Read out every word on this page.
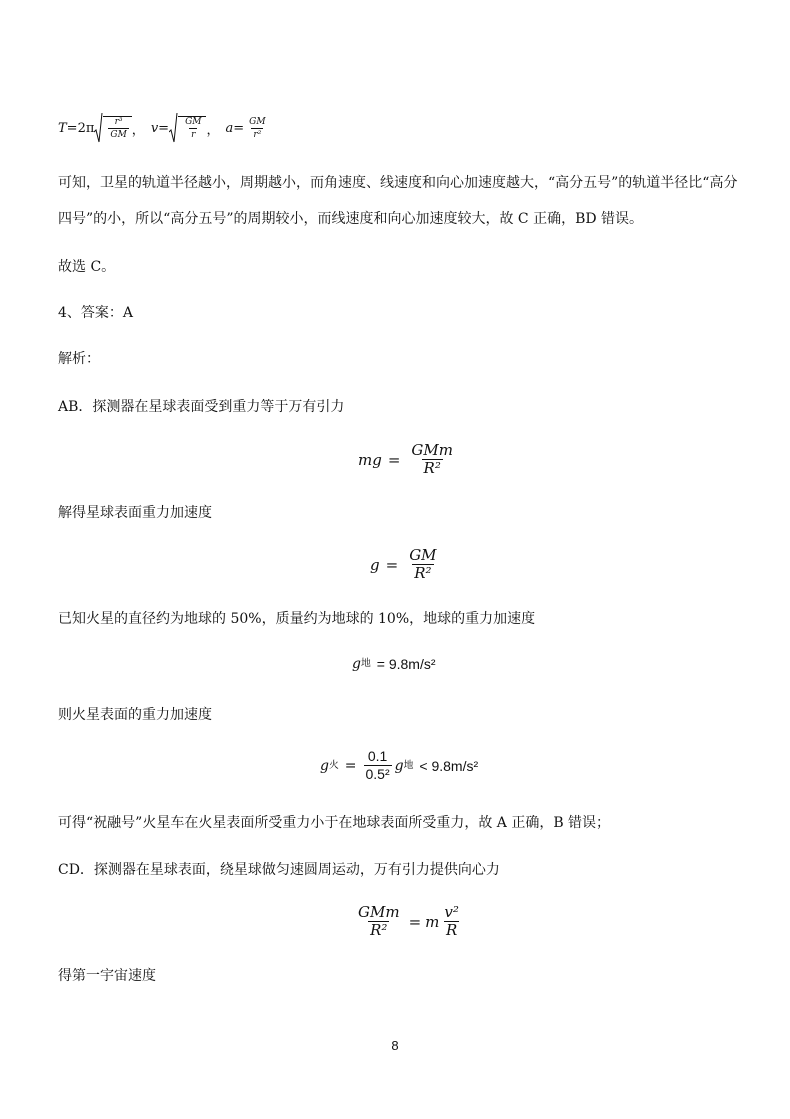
$T =2\pi \frac{\text{r³}}{GM}$ ， $v = \frac{GM}{r}$ ， $a = \frac{GM}{\text{r²}}$
可知，卫星的轨道半径越小，周期越小，而角速度、线速度和向心加速度越大，“高分五号”的轨道半径比“高分
四号”的小，所以“高分五号”的周期较小，而线速度和向心加速度较大，故 C 正确，BD 错误。
故选 C。
4、答案：A
解析：
AB．探测器在星球表面受到重力等于万有引力
mg = $\frac{\text{GMm}}{\text{R²}}$
解得星球表面重力加速度
$g = \frac{GM}{\text{R²}}$
已知火星的直径约为地球的 50%，质量约为地球的 10%，地球的重力加速度
g 地 = 9.8m/s²
则火星表面的重力加速度
g 火 = $\frac{0.1}{\text{0.5²}}$ g 地 < 9.8m/s²
可得“祝融号”火星车在火星表面所受重力小于在地球表面所受重力，故 A 正确，B 错误；
CD．探测器在星球表面，绕星球做匀速圆周运动，万有引力提供向心力
$\frac{\text{GMm}}{\text{R²}} = m \frac{\text{v²}}{R}$
得第一宇宙速度
8
